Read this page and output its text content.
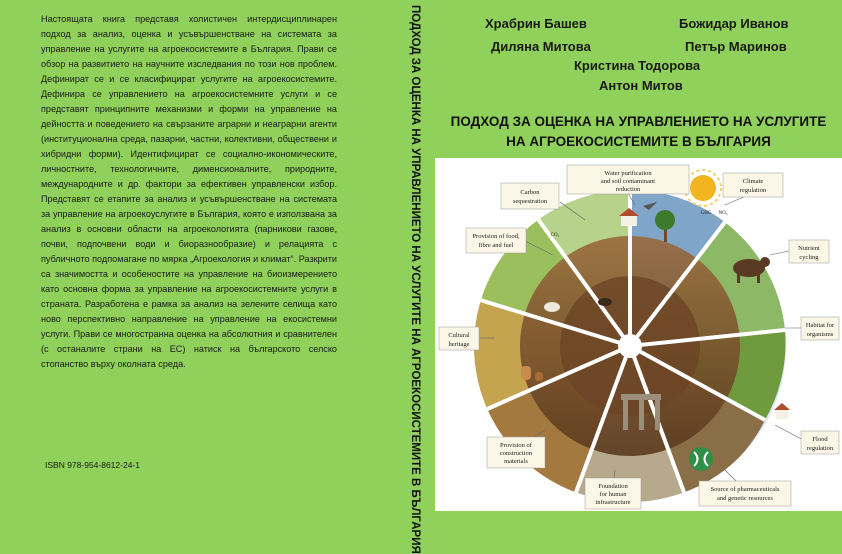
Настоящата книга представя холистичен интердисциплинарен подход за анализ, оценка и усъвършенстване на системата за управление на услугите на агроекосистемите в България. Прави се обзор на развитието на научните изследвания по този нов проблем. Дефинират се и се класифицират услугите на агроекосистемите. Дефинира се управлението на агроекосистемните услуги и се представят принципните механизми и форми на управление на дейността и поведението на свързаните аграрни и неаграрни агенти (институционална среда, пазарни, частни, колективни, обществени и хибридни форми). Идентифицират се социално-икономическите, личностните, технологичните, дименсионалните, природните, международните и др. фактори за ефективен управленски избор. Представят се етапите за анализ и усъвършенстване на системата за управление на агроекоуслугите в България, която е използвана за анализ в основни области на агроекологията (парникови газове, почви, подпочвени води и биоразнообразие) и релацията с публичното подпомагане по мярка „Агроекология и климат“. Разкрити са значимостта и особеностите на управление на биоизмерението като основна форма за управление на агроекосистемните услуги в страната. Разработена е рамка за анализ на зелените селища като ново перспективно направление на управление на екосистемни услуги. Прави се многостранна оценка на абсолютния и сравнителен (с останалите страни на ЕС) натиск на българското селско стопанство върху околната среда.

ISBN 978-954-8612-24-1	ПОДХОД ЗА ОЦЕНКА НА УПРАВЛЕНИЕТО НА УСЛУГИТЕ НА АГРОЕКОСИСТЕМИТЕ В БЪЛГАРИЯ	Храбрин Башев	Божидар Иванов
Диляна Митова	Петър Маринов
Кристина Тодорова
Антон Митов
ПОДХОД ЗА ОЦЕНКА НА УПРАВЛЕНИЕТО НА УСЛУГИТЕ
НА АГРОЕКОСИСТЕМИТЕ В БЪЛГАРИЯ
Carbon
sequestration
Water purification
and soil contaminant
reduction
Climate
regulation
Provision of food,
fibre and fuel	Nutrient
cycling
Habitat for
organisms
Cultural
heritage
Flood
regulation
Provision of
construction
materials
Foundation
for human
infrastructure
Source of pharmaceuticals
and genetic resources
CO₂
GHG NO₃
